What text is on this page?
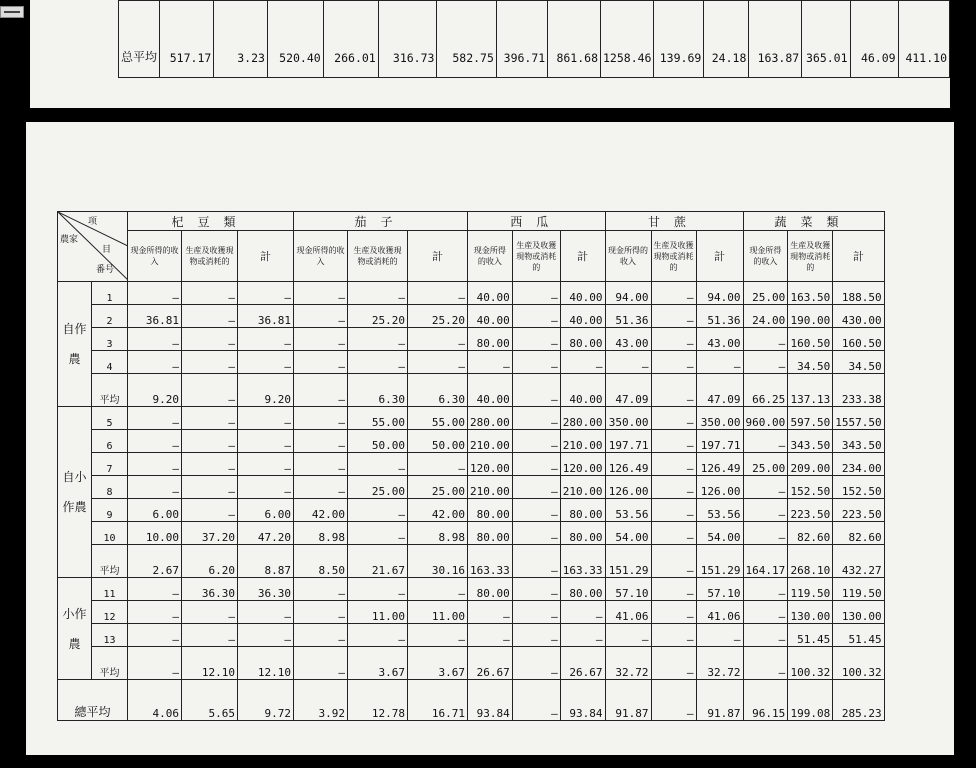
总平均	517.17	3.23	520.40	266.01	316.73	582.75	396.71	861.68	1258.46	139.69	24.18	163.87	365.01	46.09	411.10
项
農家
目
番号		杞豆類			茄子			西瓜			甘蔗			蔬菜類		
		现金所得的收入	生産及收獲現物或消耗的	計	现金所得的收入	生産及收獲現物或消耗的	計	现金所得的收入	生産及收獲現物或消耗的	計	现金所得的收入	生産及收獲現物或消耗的	計	现金所得的收入	生産及收獲現物或消耗的	計
自作農	1	—	—	—	—	—	—	40.00	—	40.00	94.00	—	94.00	25.00	163.50	188.50
	2	36.81	—	36.81	—	25.20	25.20	40.00	—	40.00	51.36	—	51.36	24.00	190.00	430.00
	3	—	—	—	—	—	—	80.00	—	80.00	43.00	—	43.00	—	160.50	160.50
	4	—	—	—	—	—	—	—	—	—	—	—	—	—	34.50	34.50
	平均	9.20	—	9.20	—	6.30	6.30	40.00	—	40.00	47.09	—	47.09	66.25	137.13	233.38
自小作農	5	—	—	—	—	55.00	55.00	280.00	—	280.00	350.00	—	350.00	960.00	597.50	1557.50
	6	—	—	—	—	50.00	50.00	210.00	—	210.00	197.71	—	197.71	—	343.50	343.50
	7	—	—	—	—	—	—	120.00	—	120.00	126.49	—	126.49	25.00	209.00	234.00
	8	—	—	—	—	25.00	25.00	210.00	—	210.00	126.00	—	126.00	—	152.50	152.50
	9	6.00	—	6.00	42.00	—	42.00	80.00	—	80.00	53.56	—	53.56	—	223.50	223.50
	10	10.00	37.20	47.20	8.98	—	8.98	80.00	—	80.00	54.00	—	54.00	—	82.60	82.60
	平均	2.67	6.20	8.87	8.50	21.67	30.16	163.33	—	163.33	151.29	—	151.29	164.17	268.10	432.27
小作農	11	—	36.30	36.30	—	—	—	80.00	—	80.00	57.10	—	57.10	—	119.50	119.50
	12	—	—	—	—	11.00	11.00	—	—	—	41.06	—	41.06	—	130.00	130.00
	13	—	—	—	—	—	—	—	—	—	—	—	—	—	51.45	51.45
	平均	—	12.10	12.10	—	3.67	3.67	26.67	—	26.67	32.72	—	32.72	—	100.32	100.32
總平均		4.06	5.65	9.72	3.92	12.78	16.71	93.84	—	93.84	91.87	—	91.87	96.15	199.08	285.23
